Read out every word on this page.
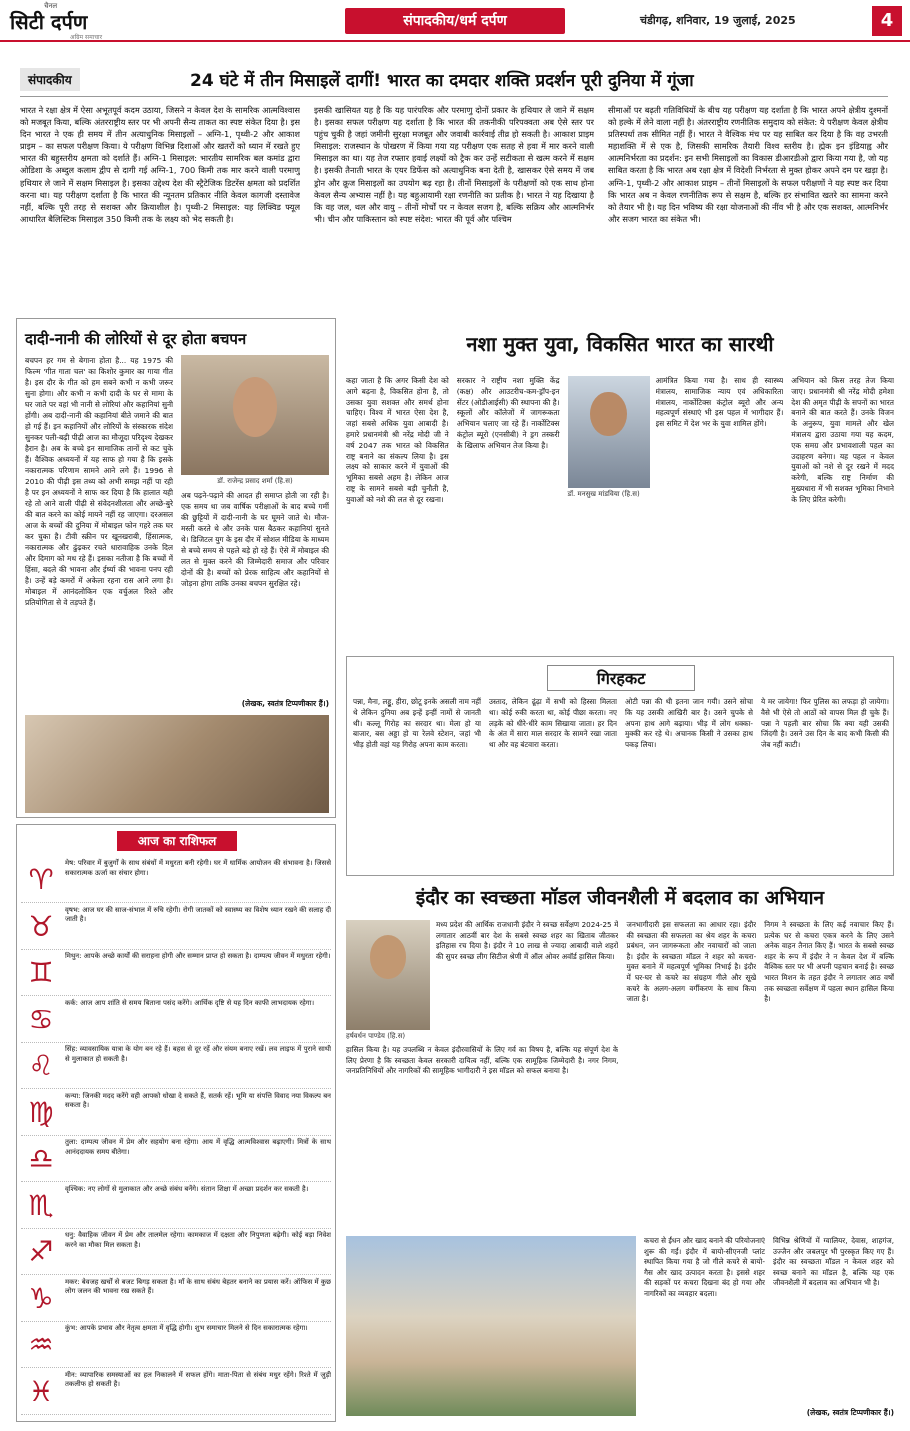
चैनल
सिटी दर्पण
अग्रिम समाचार
संपादकीय/धर्म दर्पण	चंडीगढ़, शनिवार, 19 जुलाई, 2025	4
संपादकीय	24 घंटे में तीन मिसाइलें दागीं! भारत का दमदार शक्ति प्रदर्शन पूरी दुनिया में गूंजा

भारत ने रक्षा क्षेत्र में ऐसा अभूतपूर्व कदम उठाया, जिसने न केवल देश के सामरिक आत्मविश्वास को मजबूत किया, बल्कि अंतरराष्ट्रीय स्तर पर भी अपनी सैन्य ताकत का स्पष्ट संकेत दिया है। इस दिन भारत ने एक ही समय में तीन अत्याधुनिक मिसाइलों – अग्नि-1, पृथ्वी-2 और आकाश प्राइम – का सफल परीक्षण किया। ये परीक्षण विभिन्न दिशाओं और खतरों को ध्यान में रखते हुए भारत की बहुस्तरीय क्षमता को दर्शाते हैं। अग्नि-1 मिसाइल: भारतीय सामरिक बल कमांड द्वारा ओडिशा के अब्दुल कलाम द्वीप से दागी गई अग्नि-1, 700 किमी तक मार करने वाली परमाणु हथियार ले जाने में सक्षम मिसाइल है। इसका उद्देश्य देश की स्ट्रैटेजिक डिटरेंस क्षमता को प्रदर्शित करना था। यह परीक्षण दर्शाता है कि भारत की न्यूनतम प्रतिकार नीति केवल कागजी दस्तावेज नहीं, बल्कि पूरी तरह से सशक्त और क्रियाशील है। पृथ्वी-2 मिसाइल: यह लिक्विड फ्यूल आधारित बैलिस्टिक मिसाइल 350 किमी तक के लक्ष्य को भेद सकती है।

इसकी खासियत यह है कि यह पारंपरिक और परमाणु दोनों प्रकार के हथियार ले जाने में सक्षम है। इसका सफल परीक्षण यह दर्शाता है कि भारत की तकनीकी परिपक्वता अब ऐसे स्तर पर पहुंच चुकी है जहां जमीनी सुरक्षा मजबूत और जवाबी कार्रवाई तीव्र हो सकती है। आकाश प्राइम मिसाइल: राजस्थान के पोखरण में किया गया यह परीक्षण एक सतह से हवा में मार करने वाली मिसाइल का था। यह तेज रफ्तार हवाई लक्ष्यों को ट्रैक कर उन्हें सटीकता से खत्म करने में सक्षम है। इसकी तैनाती भारत के एयर डिफेंस को अत्याधुनिक बना देती है, खासकर ऐसे समय में जब ड्रोन और क्रूज मिसाइलों का उपयोग बढ़ रहा है। तीनों मिसाइलों के परीक्षणों को एक साथ होना केवल सैन्य अभ्यास नहीं है। यह बहुआयामी रक्षा रणनीति का प्रतीक है। भारत ने यह दिखाया है कि वह जल, थल और वायु – तीनों मोर्चों पर न केवल सजग है, बल्कि सक्रिय और आत्मनिर्भर भी। चीन और पाकिस्तान को स्पष्ट संदेश: भारत की पूर्व और पश्चिम

सीमाओं पर बढ़ती गतिविधियों के बीच यह परीक्षण यह दर्शाता है कि भारत अपने क्षेत्रीय दुश्मनों को हल्के में लेने वाला नहीं है। अंतरराष्ट्रीय रणनीतिक समुदाय को संकेत: ये परीक्षण केवल क्षेत्रीय प्रतिस्पर्धा तक सीमित नहीं हैं। भारत ने वैश्विक मंच पर यह साबित कर दिया है कि वह उभरती महाशक्ति में से एक है, जिसकी सामरिक तैयारी विश्व स्तरीय है। ह्मेक इन इंडियाह्व और आत्मनिर्भरता का प्रदर्शन: इन सभी मिसाइलों का विकास डीआरडीओ द्वारा किया गया है, जो यह साबित करता है कि भारत अब रक्षा क्षेत्र में विदेशी निर्भरता से मुक्त होकर अपने दम पर खड़ा है। अग्नि-1, पृथ्वी-2 और आकाश प्राइम – तीनों मिसाइलों के सफल परीक्षणों ने यह स्पष्ट कर दिया कि भारत अब न केवल रणनीतिक रूप से सक्षम है, बल्कि हर संभावित खतरे का सामना करने को तैयार भी है। यह दिन भविष्य की रक्षा योजनाओं की नींव भी है और एक सशक्त, आत्मनिर्भर और सजग भारत का संकेत भी।

दादी-नानी की लोरियों से दूर होता बचपन

बचपन हर गम से बेगाना होता है... यह 1975 की फिल्म 'गीत गाता चल' का किशोर कुमार का गाया गीत है। इस दौर के गीत को हम सबने कभी न कभी जरूर सुना होगा। और कभी न कभी दादी के घर से मामा के घर जाते पर वहां भी नानी से लोरियां और कहानियां सुनी होंगी। अब दादी-नानी की कहानियां बीते जमाने की बात हो गई हैं। इन कहानियों और लोरियों के संस्कारक संदेश सुनकर पली-बढ़ी पीढ़ी आज का मौजूदा परिदृश्य देखकर हैरान है। अब के बच्चे इन सामाजिक तानों से कट चुके हैं। वैश्विक अध्ययनों में यह साफ हो गया है कि इसके नकारात्मक परिणाम सामने आने लगे हैं। 1996 से 2010 की पीढ़ी इस तथ्य को अभी समझ नहीं पा रही है पर इन अध्ययनों ने साफ कर दिया है कि हालात यही रहे तो आने वाली पीढ़ी से संवेदनशीलता और अच्छे-बुरे की बात करने का कोई मायने नहीं रह जाएगा। दरअसल आज के बच्चों की दुनिया में मोबाइल फोन गहरे तक घर कर चुका है। टीवी स्क्रीन पर खूनखराबी, हिंसात्मक, नकारात्मक और ढुंढ़कर रचते धारावाहिक उनके दिल और दिमाग को मथ रहे हैं। इसका नतीजा है कि बच्चों में हिंसा, बदले की भावना और ईर्ष्या की भावना पनप रही है। उन्हें बड़े कमरों में अकेला रहना रास आने लगा है। मोबाइल में आनंदलोकिन एक वर्चुअल रिश्ते और प्रतियोगिता से वे तड़पते हैं।

डॉ. राजेन्द्र प्रसाद शर्मा (हि.स)

अब पढ़ने-पढ़ाने की आदत ही समाप्त होती जा रही है। एक समय था जब वार्षिक परीक्षाओं के बाद बच्चे गर्मी की छुट्टियों में दादी-नानी के घर घूमने जाते थे। मौज-मस्ती करते थे और उनके पास बैठकर कहानियां सुनते थे। डिजिटल युग के इस दौर में सोशल मीडिया के माध्यम से बच्चे समय से पहले बड़े हो रहे हैं। ऐसे में मोबाइल की लत से मुक्त करने की जिम्मेदारी समाज और परिवार दोनों की है। बच्चों को प्रेरक साहित्य और कहानियों से जोड़ना होगा ताकि उनका बचपन सुरक्षित रहे।

(लेखक, स्वतंत्र टिप्पणीकार हैं।)
नशा मुक्त युवा, विकसित भारत का सारथी

कहा जाता है कि अगर किसी देश को आगे बढ़ना है, विकसित होना है, तो उसका युवा सशक्त और समर्थ होना चाहिए। विश्व में भारत ऐसा देश है, जहां सबसे अधिक युवा आबादी है। हमारे प्रधानमंत्री श्री नरेंद्र मोदी जी ने वर्ष 2047 तक भारत को विकसित राष्ट्र बनाने का संकल्प लिया है। इस लक्ष्य को साकार करने में युवाओं की भूमिका सबसे अहम है। लेकिन आज राष्ट्र के सामने सबसे बड़ी चुनौती है, युवाओं को नशे की लत से दूर रखना।

सरकार ने राष्ट्रीय नशा मुक्ति केंद्र (कक्ष) और आउटरीच-कम-ड्रॉप-इन सेंटर (ओडीआईसी) की स्थापना की है। स्कूलों और कॉलेजों में जागरूकता अभियान चलाए जा रहे हैं। नार्कोटिक्स कंट्रोल ब्यूरो (एनसीबी) ने ड्रग तस्करी के खिलाफ अभियान तेज किया है।

आमंत्रित किया गया है। साथ ही स्वास्थ्य मंत्रालय, सामाजिक न्याय एवं अधिकारिता मंत्रालय, नार्कोटिक्स कंट्रोल ब्यूरो और अन्य महत्वपूर्ण संस्थाएं भी इस पहल में भागीदार हैं। इस समिट में देश भर के युवा शामिल होंगे।

डॉ. मनसुख मांडविया (हि.स)

अभियान को किस तरह तेज किया जाए। प्रधानमंत्री श्री नरेंद्र मोदी हमेशा देश की अमृत पीढ़ी के सपनों का भारत बनाने की बात करते हैं। उनके विजन के अनुरूप, युवा मामले और खेल मंत्रालय द्वारा उठाया गया यह कदम, एक समग्र और प्रभावशाली पहल का उदाहरण बनेगा। यह पहल न केवल युवाओं को नशे से दूर रखने में मदद करेगी, बल्कि राष्ट्र निर्माण की मुख्यधारा में भी सशक्त भूमिका निभाने के लिए प्रेरित करेगी।

गिरहकट

पन्ना, मैना, लड्डू, हीरा, छोटू इनके असली नाम नहीं थे लेकिन दुनिया अब इन्हें इन्हीं नामों से जानती थी। कल्लू गिरोह का सरदार था। मेला हो या बाजार, बस अड्डा हो या रेलवे स्टेशन, जहां भी भीड़ होती वहां यह गिरोह अपना काम करता।

उस्ताद, लेकिन ढूंढ़ा में सभी को हिस्सा मिलता था। कोई रुकी करता था, कोई पीछा करता। नए लड़के को धीरे-धीरे काम सिखाया जाता। हर दिन के अंत में सारा माल सरदार के सामने रखा जाता था और वह बंटवारा करता।

ओटी पन्ना की थी इतना जान गयी। उसने सोचा कि यह उसकी आखिरी बार है। उसने चुपके से अपना हाथ आगे बढ़ाया। भीड़ में लोग धक्का-मुक्की कर रहे थे। अचानक किसी ने उसका हाथ पकड़ लिया।

ये मर जायेगा! फिर पुलिस का लफड़ा हो जायेगा। वैसे भी ऐसे तो आठों को वापस मिल ही चुके हैं। पन्ना ने पहली बार सोचा कि क्या यही उसकी जिंदगी है। उसने उस दिन के बाद कभी किसी की जेब नहीं काटी।

आज का राशिफल
♈	मेष: परिवार में बुजुर्गों के साथ संबंधों में मधुरता बनी रहेगी। घर में धार्मिक आयोजन की संभावना है। जिससे सकारात्मक ऊर्जा का संचार होगा।
♉	वृषभ: आज घर की साज-संभाल में रुचि रहेगी। रोगी जातकों को स्वास्थ्य का विशेष ध्यान रखने की सलाह दी जाती है।
♊	मिथुन: आपके अच्छे कार्यों की सराहना होगी और सम्मान प्राप्त हो सकता है। दाम्पत्य जीवन में मधुरता रहेगी।
♋	कर्क: आज आप शांति से समय बिताना पसंद करेंगे। आर्थिक दृष्टि से यह दिन काफी लाभदायक रहेगा।
♌	सिंह: व्यावसायिक यात्रा के योग बन रहे हैं। बहस से दूर रहें और संयम बनाए रखें। लव लाइफ में पुराने साथी से मुलाकात हो सकती है।
♍	कन्या: जिनकी मदद करेंगे वही आपको धोखा दे सकते हैं, सतर्क रहें। भूमि या संपत्ति विवाद नया विकल्प बन सकता है।
♎	तुला: दाम्पत्य जीवन में प्रेम और सहयोग बना रहेगा। आय में वृद्धि आत्मविश्वास बढ़ाएगी। मित्रों के साथ आनंददायक समय बीतेगा।
♏	वृश्चिक: नए लोगों से मुलाकात और अच्छे संबंध बनेंगे। संतान शिक्षा में अच्छा प्रदर्शन कर सकती है।
♐	धनु: वैवाहिक जीवन में प्रेम और तालमेल रहेगा। कामकाज में दक्षता और निपुणता बढ़ेगी। कोई बड़ा निवेश करने का मौका मिल सकता है।
♑	मकर: बेवजह खर्चों से बजट बिगड़ सकता है। माँ के साथ संबंध बेहतर बनाने का प्रयास करें। ऑफिस में कुछ लोग जलन की भावना रख सकते हैं।
♒	कुंभ: आपके प्रभाव और नेतृत्व क्षमता में वृद्धि होगी। शुभ समाचार मिलने से दिन सकारात्मक रहेगा।
♓	मीन: व्यापारिक समस्याओं का हल निकालने में सफल होंगे। माता-पिता से संबंध मधुर रहेंगे। रिश्ते में जुड़ी तकलीफ हो सकती है।
इंदौर का स्वच्छता मॉडल जीवनशैली में बदलाव का अभियान

मध्य प्रदेश की आर्थिक राजधानी इंदौर ने स्वच्छ सर्वेक्षण 2024-25 में लगातार आठवीं बार देश के सबसे स्वच्छ शहर का खिताब जीतकर इतिहास रच दिया है। इंदौर ने 10 लाख से ज्यादा आबादी वाले शहरों की सुपर स्वच्छ लीग सिटीज श्रेणी में ऑल ओवर अवॉर्ड हासिल किया।

हर्षवर्धन पाण्डेय (हि.स)

हासिल किया है। यह उपलब्धि न केवल इंदौरवासियों के लिए गर्व का विषय है, बल्कि यह संपूर्ण देश के लिए प्रेरणा है कि स्वच्छता केवल सरकारी दायित्व नहीं, बल्कि एक सामूहिक जिम्मेदारी है। नगर निगम, जनप्रतिनिधियों और नागरिकों की सामूहिक भागीदारी ने इस मॉडल को सफल बनाया है।

जनभागीदारी इस सफलता का आधार रहा। इंदौर की स्वच्छता की सफलता का श्रेय शहर के कचरा प्रबंधन, जन जागरूकता और नवाचारों को जाता है। इंदौर के स्वच्छता मॉडल ने शहर को कचरा-मुक्त बनाने में महत्वपूर्ण भूमिका निभाई है। इंदौर में घर-घर से कचरे का संग्रहण गीले और सूखे कचरे के अलग-अलग वर्गीकरण के साथ किया जाता है।

निगम ने स्वच्छता के लिए कई नवाचार किए हैं। प्रत्येक घर से कचरा एकत्र करने के लिए उसने अनेक वाहन तैनात किए हैं। भारत के सबसे स्वच्छ शहर के रूप में इंदौर ने न केवल देश में बल्कि वैश्विक स्तर पर भी अपनी पहचान बनाई है। स्वच्छ भारत मिशन के तहत इंदौर ने लगातार आठ वर्षों तक स्वच्छता सर्वेक्षण में पहला स्थान हासिल किया है।

कचरा से ईंधन और खाद बनाने की परियोजनाएं शुरू की गईं। इंदौर में बायो-सीएनजी प्लांट स्थापित किया गया है जो गीले कचरे से बायो-गैस और खाद उत्पादन करता है। इससे शहर की सड़कों पर कचरा दिखना बंद हो गया और नागरिकों का व्यवहार बदला।

विभिन्न श्रेणियों में ग्वालियर, देवास, शाहगंज, उज्जैन और जबलपुर भी पुरस्कृत किए गए हैं। इंदौर का स्वच्छता मॉडल न केवल शहर को स्वच्छ बनाने का मॉडल है, बल्कि यह एक जीवनशैली में बदलाव का अभियान भी है।

(लेखक, स्वतंत्र टिप्पणीकार हैं।)
